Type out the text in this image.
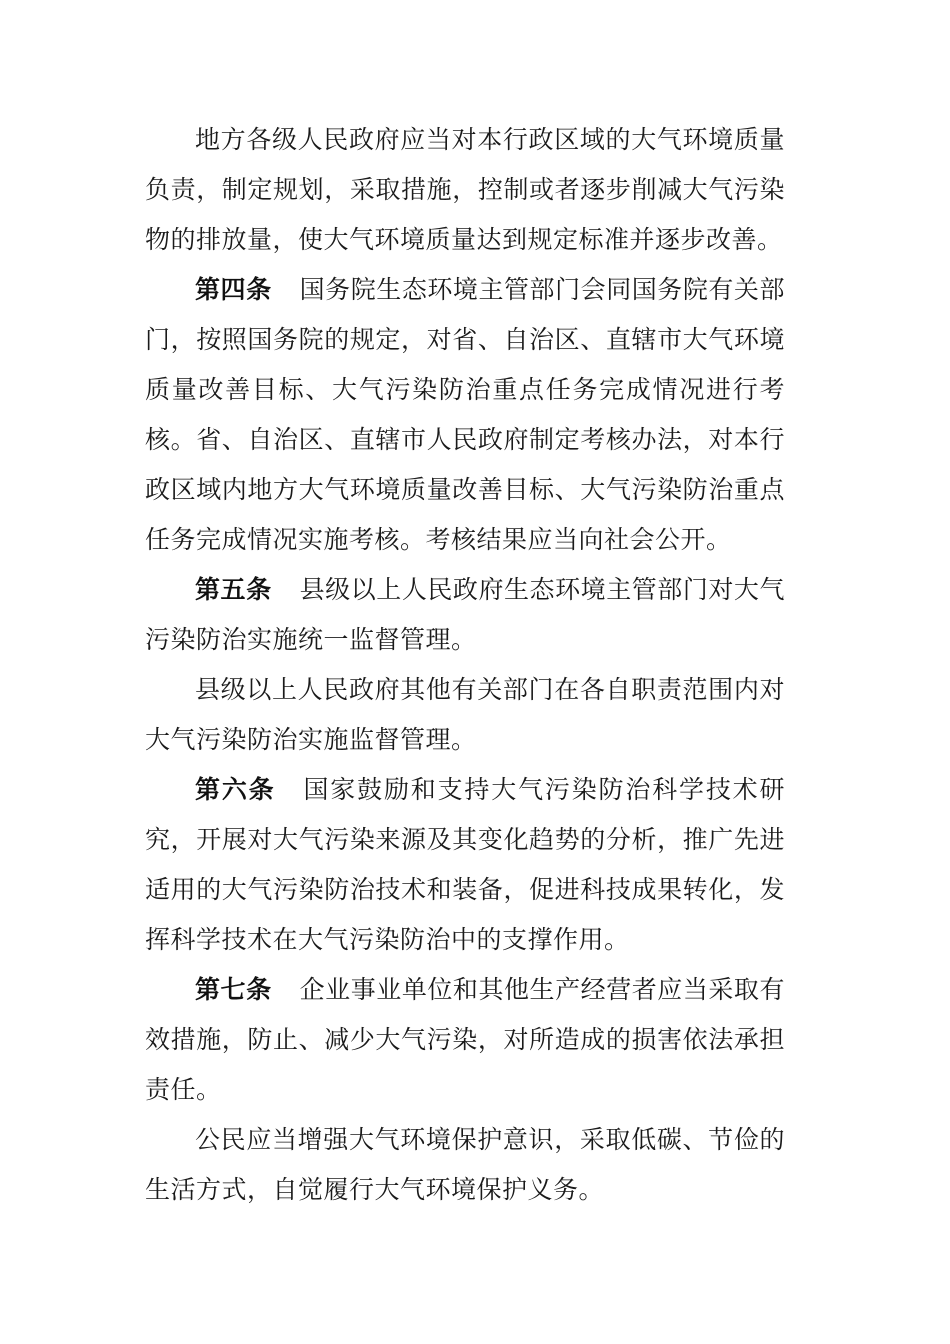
地方各级人民政府应当对本行政区域的大气环境质量负责，制定规划，采取措施，控制或者逐步削减大气污染物的排放量，使大气环境质量达到规定标准并逐步改善。

第四条 国务院生态环境主管部门会同国务院有关部门，按照国务院的规定，对省、自治区、直辖市大气环境质量改善目标、大气污染防治重点任务完成情况进行考核。省、自治区、直辖市人民政府制定考核办法，对本行政区域内地方大气环境质量改善目标、大气污染防治重点任务完成情况实施考核。考核结果应当向社会公开。

第五条 县级以上人民政府生态环境主管部门对大气污染防治实施统一监督管理。

县级以上人民政府其他有关部门在各自职责范围内对大气污染防治实施监督管理。

第六条 国家鼓励和支持大气污染防治科学技术研究，开展对大气污染来源及其变化趋势的分析，推广先进适用的大气污染防治技术和装备，促进科技成果转化，发挥科学技术在大气污染防治中的支撑作用。

第七条 企业事业单位和其他生产经营者应当采取有效措施，防止、减少大气污染，对所造成的损害依法承担责任。

公民应当增强大气环境保护意识，采取低碳、节俭的生活方式，自觉履行大气环境保护义务。
